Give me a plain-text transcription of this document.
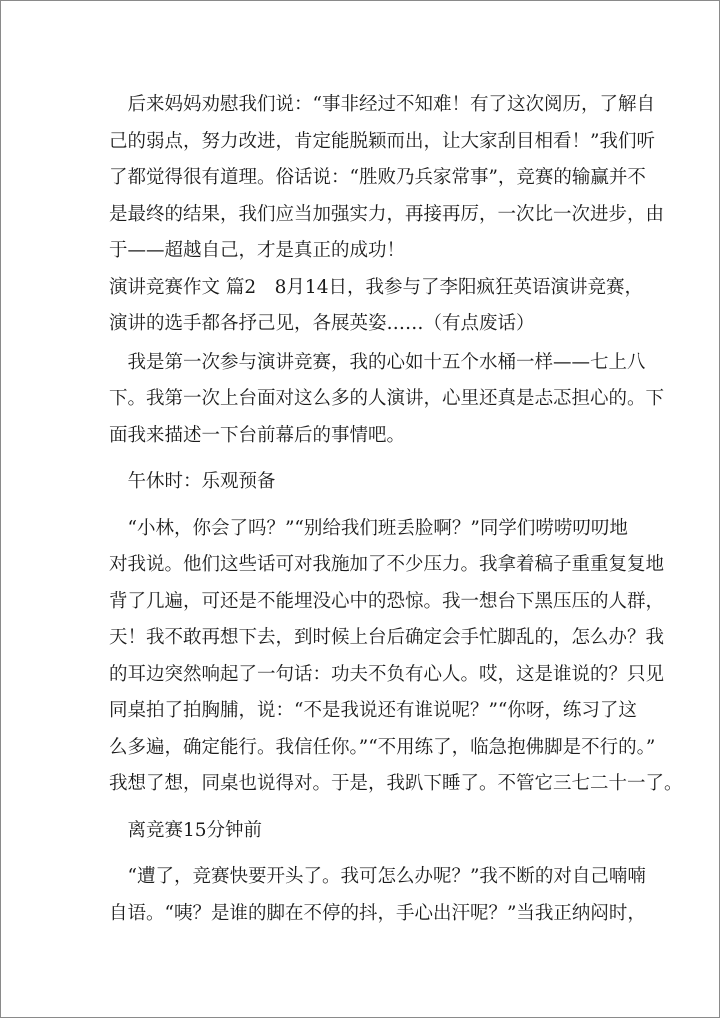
　后来妈妈劝慰我们说：“事非经过不知难！有了这次阅历，了解自
己的弱点，努力改进，肯定能脱颖而出，让大家刮目相看！”我们听
了都觉得很有道理。俗话说：“胜败乃兵家常事”，竞赛的输赢并不
是最终的结果，我们应当加强实力，再接再厉，一次比一次进步，由
于——超越自己，才是真正的成功！
演讲竞赛作文 篇2　8月14日，我参与了李阳疯狂英语演讲竞赛，
演讲的选手都各抒己见，各展英姿……（有点废话）
　我是第一次参与演讲竞赛，我的心如十五个水桶一样——七上八
下。我第一次上台面对这么多的人演讲，心里还真是忐忑担心的。下
面我来描述一下台前幕后的事情吧。
　午休时：乐观预备
　“小林，你会了吗？”“别给我们班丢脸啊？”同学们唠唠叨叨地
对我说。他们这些话可对我施加了不少压力。我拿着稿子重重复复地
背了几遍，可还是不能埋没心中的恐惊。我一想台下黑压压的人群，
天！我不敢再想下去，到时候上台后确定会手忙脚乱的，怎么办？我
的耳边突然响起了一句话：功夫不负有心人。哎，这是谁说的？只见
同桌拍了拍胸脯，说：“不是我说还有谁说呢？”“你呀，练习了这
么多遍，确定能行。我信任你。”“不用练了，临急抱佛脚是不行的。”
我想了想，同桌也说得对。于是，我趴下睡了。不管它三七二十一了。
　离竞赛15分钟前
　“遭了，竞赛快要开头了。我可怎么办呢？”我不断的对自己喃喃
自语。“咦？是谁的脚在不停的抖，手心出汗呢？”当我正纳闷时，
